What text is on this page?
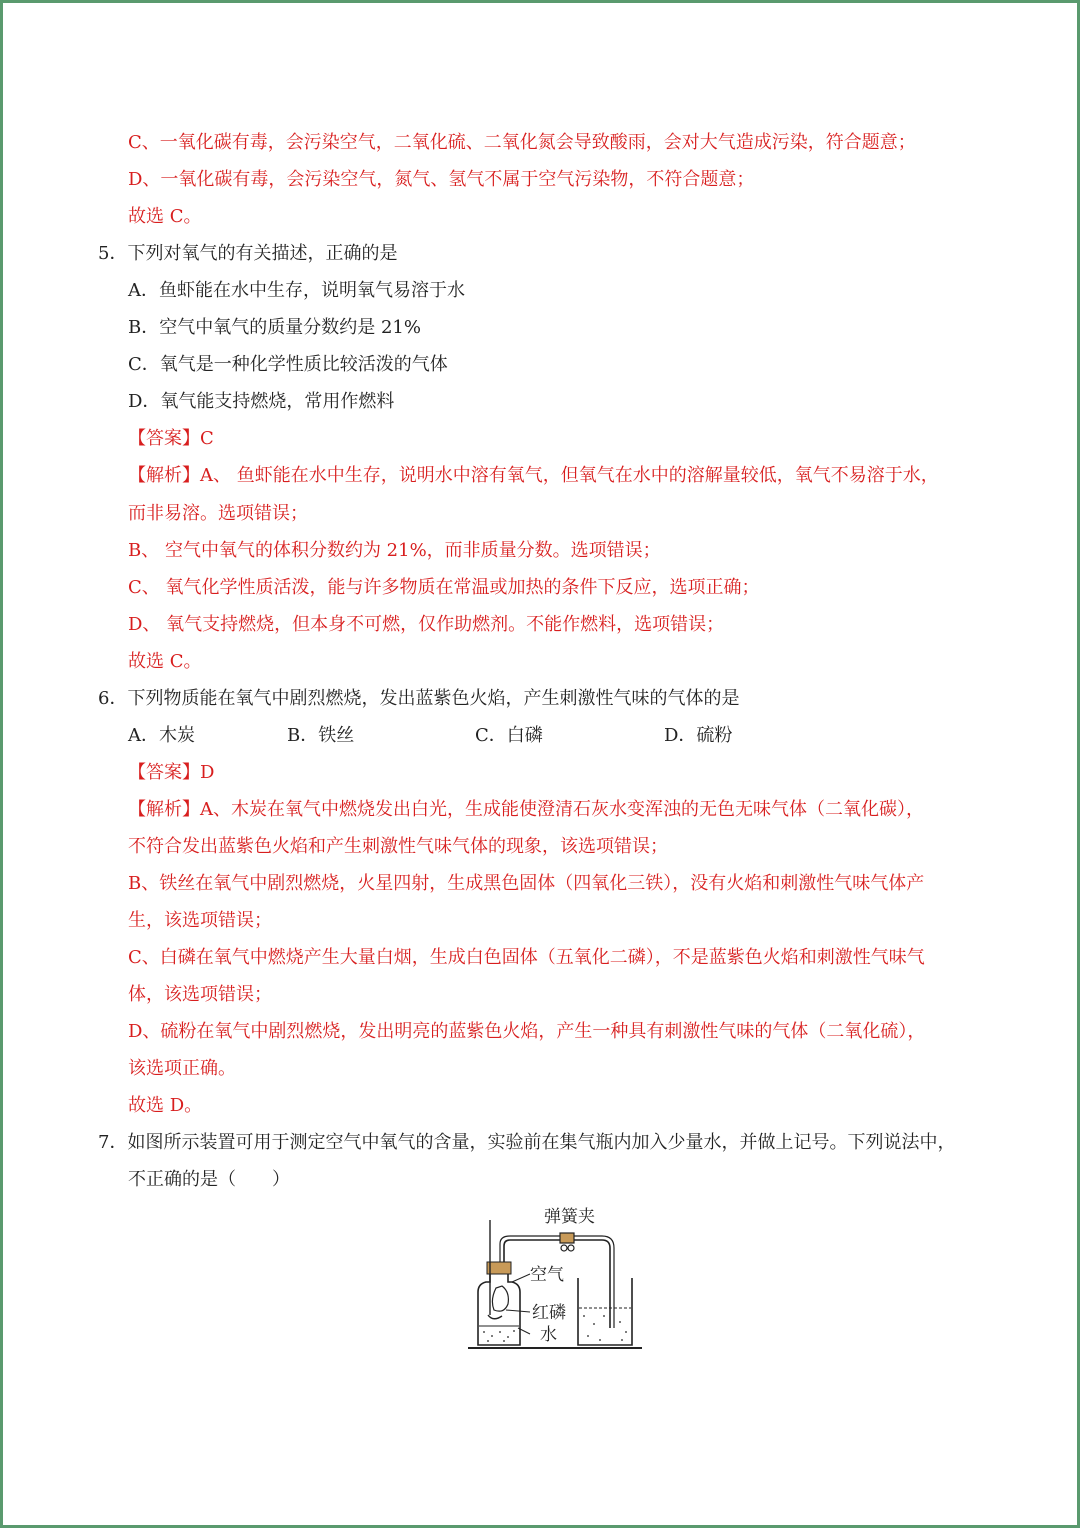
C、一氧化碳有毒，会污染空气，二氧化硫、二氧化氮会导致酸雨，会对大气造成污染，符合题意；
D、一氧化碳有毒，会污染空气，氮气、氢气不属于空气污染物，不符合题意；
故选 C。
5．下列对氧气的有关描述，正确的是
A．鱼虾能在水中生存，说明氧气易溶于水
B．空气中氧气的质量分数约是 21%
C．氧气是一种化学性质比较活泼的气体
D．氧气能支持燃烧，常用作燃料
【答案】C
【解析】A、 鱼虾能在水中生存，说明水中溶有氧气，但氧气在水中的溶解量较低，氧气不易溶于水，
而非易溶。选项错误；
B、 空气中氧气的体积分数约为 21%，而非质量分数。选项错误；
C、 氧气化学性质活泼，能与许多物质在常温或加热的条件下反应，选项正确；
D、 氧气支持燃烧，但本身不可燃，仅作助燃剂。不能作燃料，选项错误；
故选 C。
6．下列物质能在氧气中剧烈燃烧，发出蓝紫色火焰，产生刺激性气味的气体的是
A．木炭	B．铁丝	C．白磷	D．硫粉
【答案】D
【解析】A、木炭在氧气中燃烧发出白光，生成能使澄清石灰水变浑浊的无色无味气体（二氧化碳），
不符合发出蓝紫色火焰和产生刺激性气味气体的现象，该选项错误；
B、铁丝在氧气中剧烈燃烧，火星四射，生成黑色固体（四氧化三铁），没有火焰和刺激性气味气体产
生，该选项错误；
C、白磷在氧气中燃烧产生大量白烟，生成白色固体（五氧化二磷），不是蓝紫色火焰和刺激性气味气
体，该选项错误；
D、硫粉在氧气中剧烈燃烧，发出明亮的蓝紫色火焰，产生一种具有刺激性气味的气体（二氧化硫），
该选项正确。
故选 D。
7．如图所示装置可用于测定空气中氧气的含量，实验前在集气瓶内加入少量水，并做上记号。下列说法中，
不正确的是（　　）
弹簧夹
空气
红磷
水
